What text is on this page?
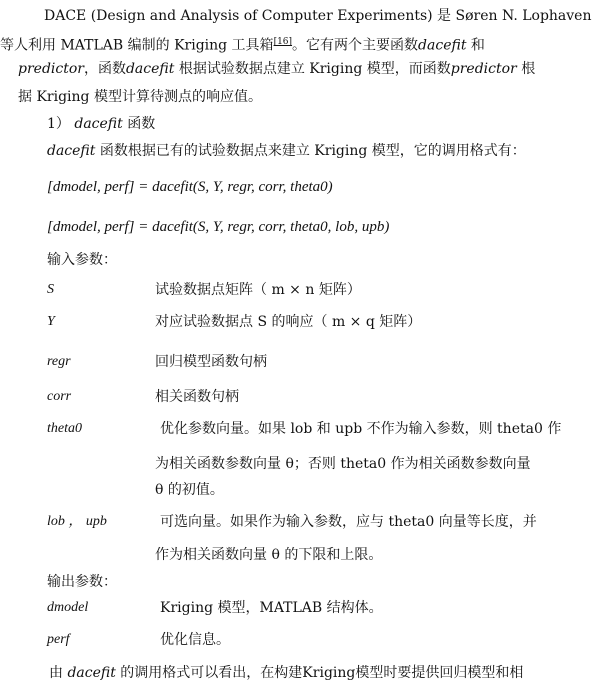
DACE (Design and Analysis of Computer Experiments) 是 Søren N. Lophaven
等人利用 MATLAB 编制的 Kriging 工具箱[16]。它有两个主要函数dacefit 和
predictor，函数dacefit 根据试验数据点建立 Kriging 模型，而函数predictor 根
据 Kriging 模型计算待测点的响应值。
1） dacefit 函数
dacefit 函数根据已有的试验数据点来建立 Kriging 模型，它的调用格式有：
[dmodel, perf] = dacefit(S, Y, regr, corr, theta0)
[dmodel, perf] = dacefit(S, Y, regr, corr, theta0, lob, upb)
输入参数：
S	试验数据点矩阵（ m × n 矩阵）
Y	对应试验数据点 S 的响应（ m × q 矩阵）
regr	回归模型函数句柄
corr	相关函数句柄
theta0	优化参数向量。如果 lob 和 upb 不作为输入参数，则 theta0 作
为相关函数参数向量 θ；否则 theta0 作为相关函数参数向量
θ 的初值。
lob ， upb	可选向量。如果作为输入参数，应与 theta0 向量等长度，并
作为相关函数向量 θ 的下限和上限。
输出参数：
dmodel	Kriging 模型，MATLAB 结构体。
perf	优化信息。
由 dacefit 的调用格式可以看出，在构建Kriging模型时要提供回归模型和相
